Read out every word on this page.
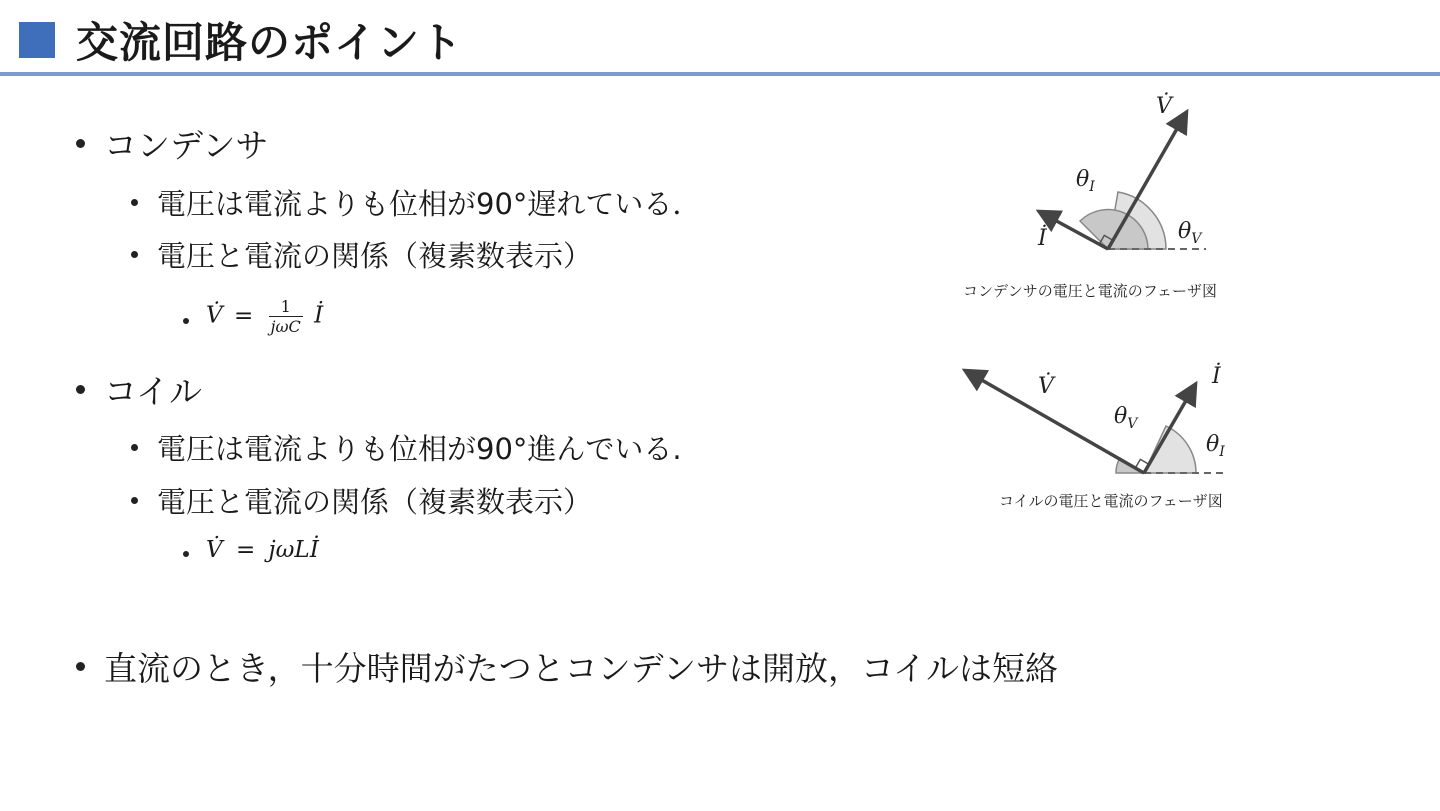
交流回路のポイント
コンデンサ
電圧は電流よりも位相が90°遅れている．
電圧と電流の関係（複素数表示）
V̇ = $\frac{1}{\text{jωC}}$ İ
コイル
電圧は電流よりも位相が90°進んでいる.
電圧と電流の関係（複素数表示）
V̇ = jωLİ
直流のとき，十分時間がたつとコンデンサは開放，コイルは短絡
V̇
İ
$\theta_I$
$\theta_V$
コンデンサの電圧と電流のフェーザ図
V̇	İ
$\theta_V$
$\theta_I$
コイルの電圧と電流のフェーザ図
